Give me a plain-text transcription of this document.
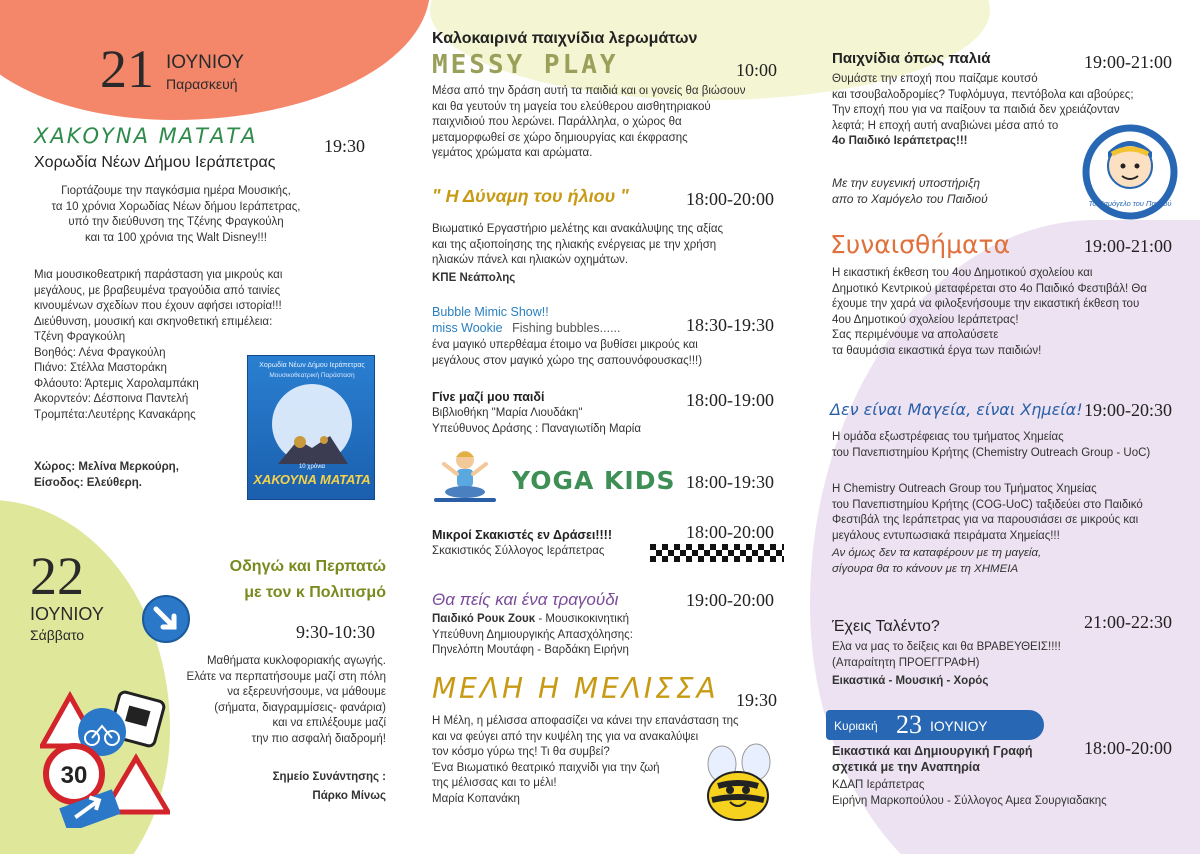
21 ΙΟΥΝΙΟΥ
Παρασκευή
ΧΑΚΟΥΝΑ ΜΑΤΑΤΑ
Χορωδία Νέων Δήμου Ιεράπετρας
19:30
Γιορτάζουμε την παγκόσμια ημέρα Μουσικής,
τα 10 χρόνια Χορωδίας Νέων δήμου Ιεράπετρας,
υπό την διεύθυνση της Τζένης Φραγκούλη
και τα 100 χρόνια της Walt Disney!!!
Μια μουσικοθεατρική παράσταση για μικρούς και
μεγάλους, με βραβευμένα τραγούδια από ταινίες
κινουμένων σχεδίων που έχουν αφήσει ιστορία!!!
Διεύθυνση, μουσική και σκηνοθετική επιμέλεια:
Τζένη Φραγκούλη
Βοηθός: Λένα Φραγκούλη
Πιάνο: Στέλλα Μαστοράκη
Φλάουτο: Άρτεμις Χαρολαμπάκη
Ακορντεόν: Δέσποινα Παντελή
Τρομπέτα:Λευτέρης Κανακάρης
Χώρος: Μελίνα Μερκούρη,
Είσοδος: Ελεύθερη.
Χορωδία Νέων Δήμου Ιεράπετρας
Μουσικοθεατρική Παράσταση
10 χρόνια
ΧΑΚΟΥΝΑ ΜΑΤΑΤΑ
22
ΙΟΥΝΙΟΥ
Σάββατο
Οδηγώ και Περπατώ
με τον κ Πολιτισμό
9:30-10:30
Μαθήματα κυκλοφοριακής αγωγής.
Ελάτε να περπατήσουμε μαζί στη πόλη
να εξερευνήσουμε, να μάθουμε
(σήματα, διαγραμμίσεις- φανάρια)
και να επιλέξουμε μαζί
την πιο ασφαλή διαδρομή!
Σημείο Συνάντησης :
Πάρκο Μίνως
30
Καλοκαιρινά παιχνίδια λερωμάτων
MESSY PLAY	10:00
Μέσα από την δράση αυτή τα παιδιά και οι γονείς θα βιώσουν
και θα γευτούν τη μαγεία του ελεύθερου αισθητηριακού
παιχνιδιού που λερώνει. Παράλληλα, ο χώρος θα
μεταμορφωθεί σε χώρο δημιουργίας και έκφρασης
γεμάτος χρώματα και αρώματα.
" Η Δύναμη του ήλιου "	18:00-20:00
Βιωματικό Εργαστήριο μελέτης και ανακάλυψης της αξίας
και της αξιοποίησης της ηλιακής ενέργειας με την χρήση
ηλιακών πάνελ και ηλιακών οχημάτων.
ΚΠΕ Νεάπολης
Bubble Mimic Show!!
miss Wookie Fishing bubbles......	18:30-19:30
ένα μαγικό υπερθέαμα έτοιμο να βυθίσει μικρούς και
μεγάλους στον μαγικό χώρο της σαπουνόφουσκας!!!)
Γίνε μαζί μου παιδί	18:00-19:00
Βιβλιοθήκη "Μαρία Λιουδάκη"
Υπεύθυνος Δράσης : Παναγιωτίδη Μαρία
YOGA KIDS 18:00-19:30
Μικροί Σκακιστές εν Δράσει!!!!
Σκακιστικός Σύλλογος Ιεράπετρας
18:00-20:00
Θα πείς και ένα τραγούδι	19:00-20:00
Παιδικό Ρουκ Ζουκ - Μουσικοκινητική
Υπεύθυνη Δημιουργικής Απασχόλησης:
Πηνελόπη Μουτάφη - Βαρδάκη Ειρήνη
ΜΕΛΗ Η ΜΕΛΙΣΣΑ 19:30
Η Μέλη, η μέλισσα αποφασίζει να κάνει την επανάσταση της
και να φεύγει από την κυψέλη της για να ανακαλύψει
τον κόσμο γύρω της! Τι θα συμβεί?
Ένα Βιωματικό θεατρικό παιχνίδι για την ζωή
της μέλισσας και το μέλι!
Μαρία Κοπανάκη
Παιχνίδια όπως παλιά	19:00-21:00
Θυμάστε την εποχή που παίζαμε κουτσό
και τσουβαλοδρομίες? Τυφλόμυγα, πεντόβολα και αβούρες;
Την εποχή που για να παίξουν τα παιδιά δεν χρειάζονταν
λεφτά; Η εποχή αυτή αναβιώνει μέσα από το
4ο Παιδικό Ιεράπετρας!!!
Με την ευγενική υποστήριξη
απο το Χαμόγελο του Παιδιού	Το Χαμόγελο του Παιδιού
Συναισθήματα	19:00-21:00
Η εικαστική έκθεση του 4ου Δημοτικού σχολείου και
Δημοτικό Κεντρικού μεταφέρεται στο 4ο Παιδικό Φεστιβάλ! Θα
έχουμε την χαρά να φιλοξενήσουμε την εικαστική έκθεση του
4ου Δημοτικού σχολείου Ιεράπετρας!
Σας περιμένουμε να απολαύσετε
τα θαυμάσια εικαστικά έργα των παιδιών!
Δεν είναι Μαγεία, είναι Χημεία! 19:00-20:30
Η ομάδα εξωστρέφειας του τμήματος Χημείας
του Πανεπιστημίου Κρήτης (Chemistry Outreach Group - UoC)
H Chemistry Outreach Group του Τμήματος Χημείας
του Πανεπιστημίου Κρήτης (COG-UoC) ταξιδεύει στο Παιδικό
Φεστιβάλ της Ιεράπετρας για να παρουσιάσει σε μικρούς και
μεγάλους εντυπωσιακά πειράματα Χημείας!!!
Αν όμως δεν τα καταφέρουν με τη μαγεία,
σίγουρα θα το κάνουν με τη ΧΗΜΕΙΑ
Έχεις Ταλέντο?	21:00-22:30
Ελα να μας το δείξεις και θα ΒΡΑΒΕΥΘΕΙΣ!!!!
(Απαραίτητη ΠΡΟΕΓΓΡΑΦΗ)
Εικαστικά - Μουσική - Χορός
Κυριακή 23 ΙΟΥΝΙΟΥ
Εικαστικά και Δημιουργική Γραφή
σχετικά με την Αναπηρία
18:00-20:00
ΚΔΑΠ Ιεράπετρας
Ειρήνη Μαρκοπούλου - Σύλλογος Αμεα Σουργιαδακης
